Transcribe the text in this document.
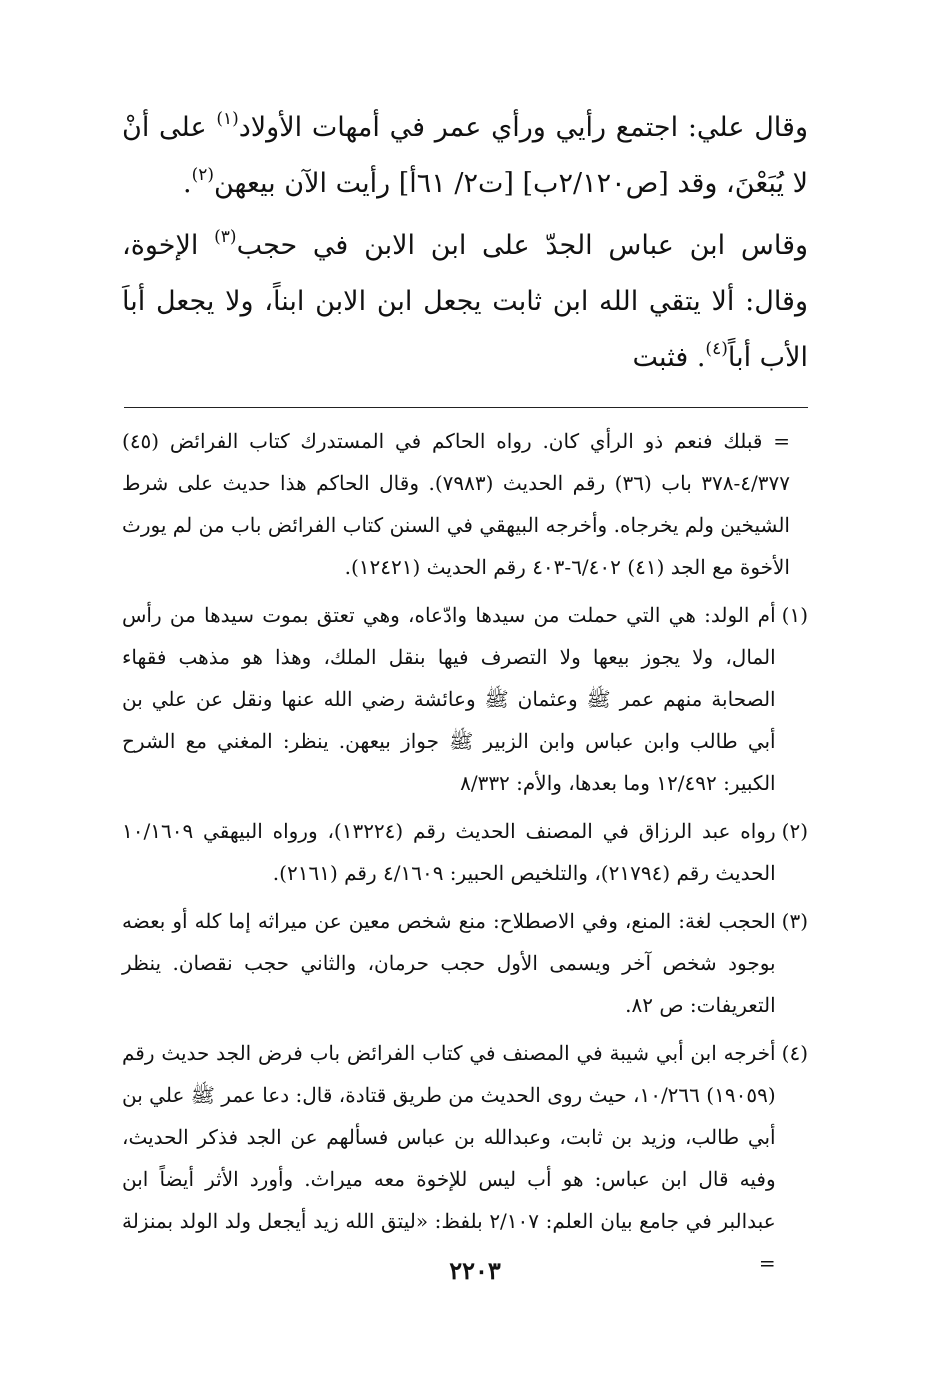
وقال علي: اجتمع رأيي ورأي عمر في أمهات الأولاد$^{(١)}$ على أنْ لا يُبَعْنَ، وقد [ص٢/١٢٠ب] [ت٢/ ٦١أ] رأيت الآن بيعهن$^{(٢)}$.

وقاس ابن عباس الجدّ على ابن الابن في حجب$^{(٣)}$ الإخوة، وقال: ألا يتقي الله ابن ثابت يجعل ابن الابن ابناً، ولا يجعل أباَ الأب أباً$^{(٤)}$. فثبت

= قبلك فنعم ذو الرأي كان. رواه الحاكم في المستدرك كتاب الفرائض (٤٥) ٤/٣٧٧-٣٧٨ باب (٣٦) رقم الحديث (٧٩٨٣). وقال الحاكم هذا حديث على شرط الشيخين ولم يخرجاه. وأخرجه البيهقي في السنن كتاب الفرائض باب من لم يورث الأخوة مع الجد (٤١) ٦/٤٠٢-٤٠٣ رقم الحديث (١٢٤٢١).

(١)

أم الولد: هي التي حملت من سيدها وادّعاه، وهي تعتق بموت سيدها من رأس المال، ولا يجوز بيعها ولا التصرف فيها بنقل الملك، وهذا هو مذهب فقهاء الصحابة منهم عمر ﷺ وعثمان ﷺ وعائشة رضي الله عنها ونقل عن علي بن أبي طالب وابن عباس وابن الزبير ﷺ جواز بيعهن. ينظر: المغني مع الشرح الكبير: ١٢/٤٩٢ وما بعدها، والأم: ٨/٣٣٢

(٢)

رواه عبد الرزاق في المصنف الحديث رقم (١٣٢٢٤)، ورواه البيهقي ١٠/١٦٠٩ الحديث رقم (٢١٧٩٤)، والتلخيص الحبير: ٤/١٦٠٩ رقم (٢١٦١).

(٣)

الحجب لغة: المنع، وفي الاصطلاح: منع شخص معين عن ميراثه إما كله أو بعضه بوجود شخص آخر ويسمى الأول حجب حرمان، والثاني حجب نقصان. ينظر التعريفات: ص ٨٢.

(٤)

أخرجه ابن أبي شيبة في المصنف في كتاب الفرائض باب فرض الجد حديث رقم (١٩٠٥٩) ١٠/٢٦٦، حيث روى الحديث من طريق قتادة، قال: دعا عمر ﷺ علي بن أبي طالب، وزيد بن ثابت، وعبدالله بن عباس فسألهم عن الجد فذكر الحديث، وفيه قال ابن عباس: هو أب ليس للإخوة معه ميراث. وأورد الأثر أيضاً ابن عبدالبر في جامع بيان العلم: ٢/١٠٧ بلفظ: «ليتق الله زيد أيجعل ولد الولد بمنزلة =

٢٢٠٣
